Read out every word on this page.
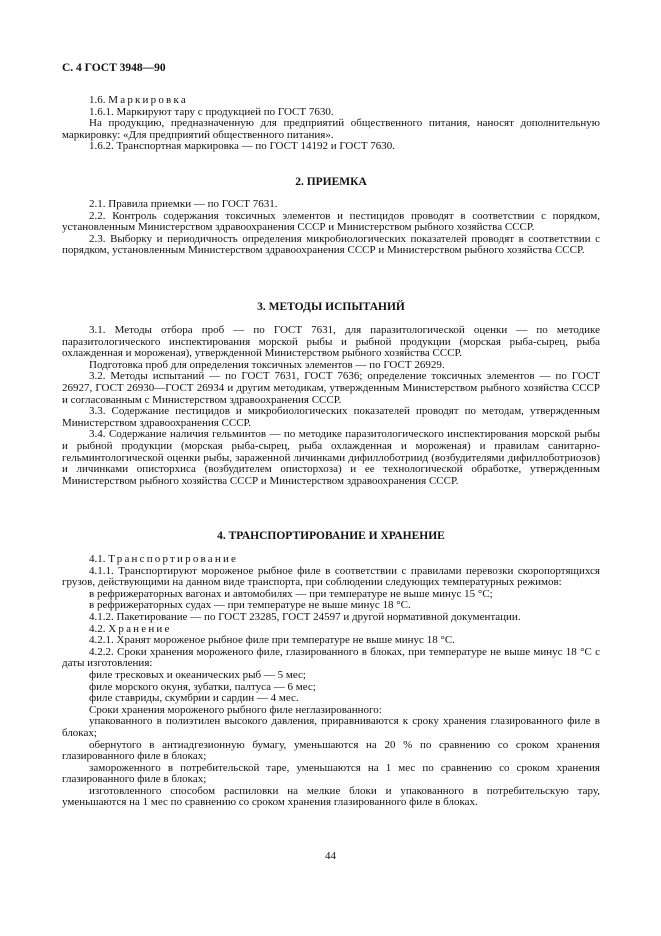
С. 4 ГОСТ 3948—90

1.6. Маркировка

1.6.1. Маркируют тару с продукцией по ГОСТ 7630.

На продукцию, предназначенную для предприятий общественного питания, наносят дополнительную маркировку: «Для предприятий общественного питания».

1.6.2. Транспортная маркировка — по ГОСТ 14192 и ГОСТ 7630.

2. ПРИЕМКА

2.1. Правила приемки — по ГОСТ 7631.

2.2. Контроль содержания токсичных элементов и пестицидов проводят в соответствии с порядком, установленным Министерством здравоохранения СССР и Министерством рыбного хозяйства СССР.

2.3. Выборку и периодичность определения микробиологических показателей проводят в соответствии с порядком, установленным Министерством здравоохранения СССР и Министерством рыбного хозяйства СССР.

3. МЕТОДЫ ИСПЫТАНИЙ

3.1. Методы отбора проб — по ГОСТ 7631, для паразитологической оценки — по методике паразитологического инспектирования морской рыбы и рыбной продукции (морская рыба-сырец, рыба охлажденная и мороженая), утвержденной Министерством рыбного хозяйства СССР.

Подготовка проб для определения токсичных элементов — по ГОСТ 26929.

3.2. Методы испытаний — по ГОСТ 7631, ГОСТ 7636; определение токсичных элементов — по ГОСТ 26927, ГОСТ 26930—ГОСТ 26934 и другим методикам, утвержденным Министерством рыбного хозяйства СССР и согласованным с Министерством здравоохранения СССР.

3.3. Содержание пестицидов и микробиологических показателей проводят по методам, утвержденным Министерством здравоохранения СССР.

3.4. Содержание наличия гельминтов — по методике паразитологического инспектирования морской рыбы и рыбной продукции (морская рыба-сырец, рыба охлажденная и мороженая) и правилам санитарно-гельминтологической оценки рыбы, зараженной личинками дифиллоботриид (возбудителями дифиллоботриозов) и личинками описторхиса (возбудителем описторхоза) и ее технологической обработке, утвержденным Министерством рыбного хозяйства СССР и Министерством здравоохранения СССР.

4. ТРАНСПОРТИРОВАНИЕ И ХРАНЕНИЕ

4.1. Транспортирование

4.1.1. Транспортируют мороженое рыбное филе в соответствии с правилами перевозки скоропортящихся грузов, действующими на данном виде транспорта, при соблюдении следующих температурных режимов:

в рефрижераторных вагонах и автомобилях — при температуре не выше минус 15 °С;

в рефрижераторных судах — при температуре не выше минус 18 °С.

4.1.2. Пакетирование — по ГОСТ 23285, ГОСТ 24597 и другой нормативной документации.

4.2. Хранение

4.2.1. Хранят мороженое рыбное филе при температуре не выше минус 18 °С.

4.2.2. Сроки хранения мороженого филе, глазированного в блоках, при температуре не выше минус 18 °С с даты изготовления:

филе тресковых и океанических рыб — 5 мес;

филе морского окуня, зубатки, палтуса — 6 мес;

филе ставриды, скумбрии и сардин — 4 мес.

Сроки хранения мороженого рыбного филе неглазированного:

упакованного в полиэтилен высокого давления, приравниваются к сроку хранения глазированного филе в блоках;

обернутого в антиадгезионную бумагу, уменьшаются на 20 % по сравнению со сроком хранения глазированного филе в блоках;

замороженного в потребительской таре, уменьшаются на 1 мес по сравнению со сроком хранения глазированного филе в блоках;

изготовленного способом распиловки на мелкие блоки и упакованного в потребительскую тару, уменьшаются на 1 мес по сравнению со сроком хранения глазированного филе в блоках.

44
